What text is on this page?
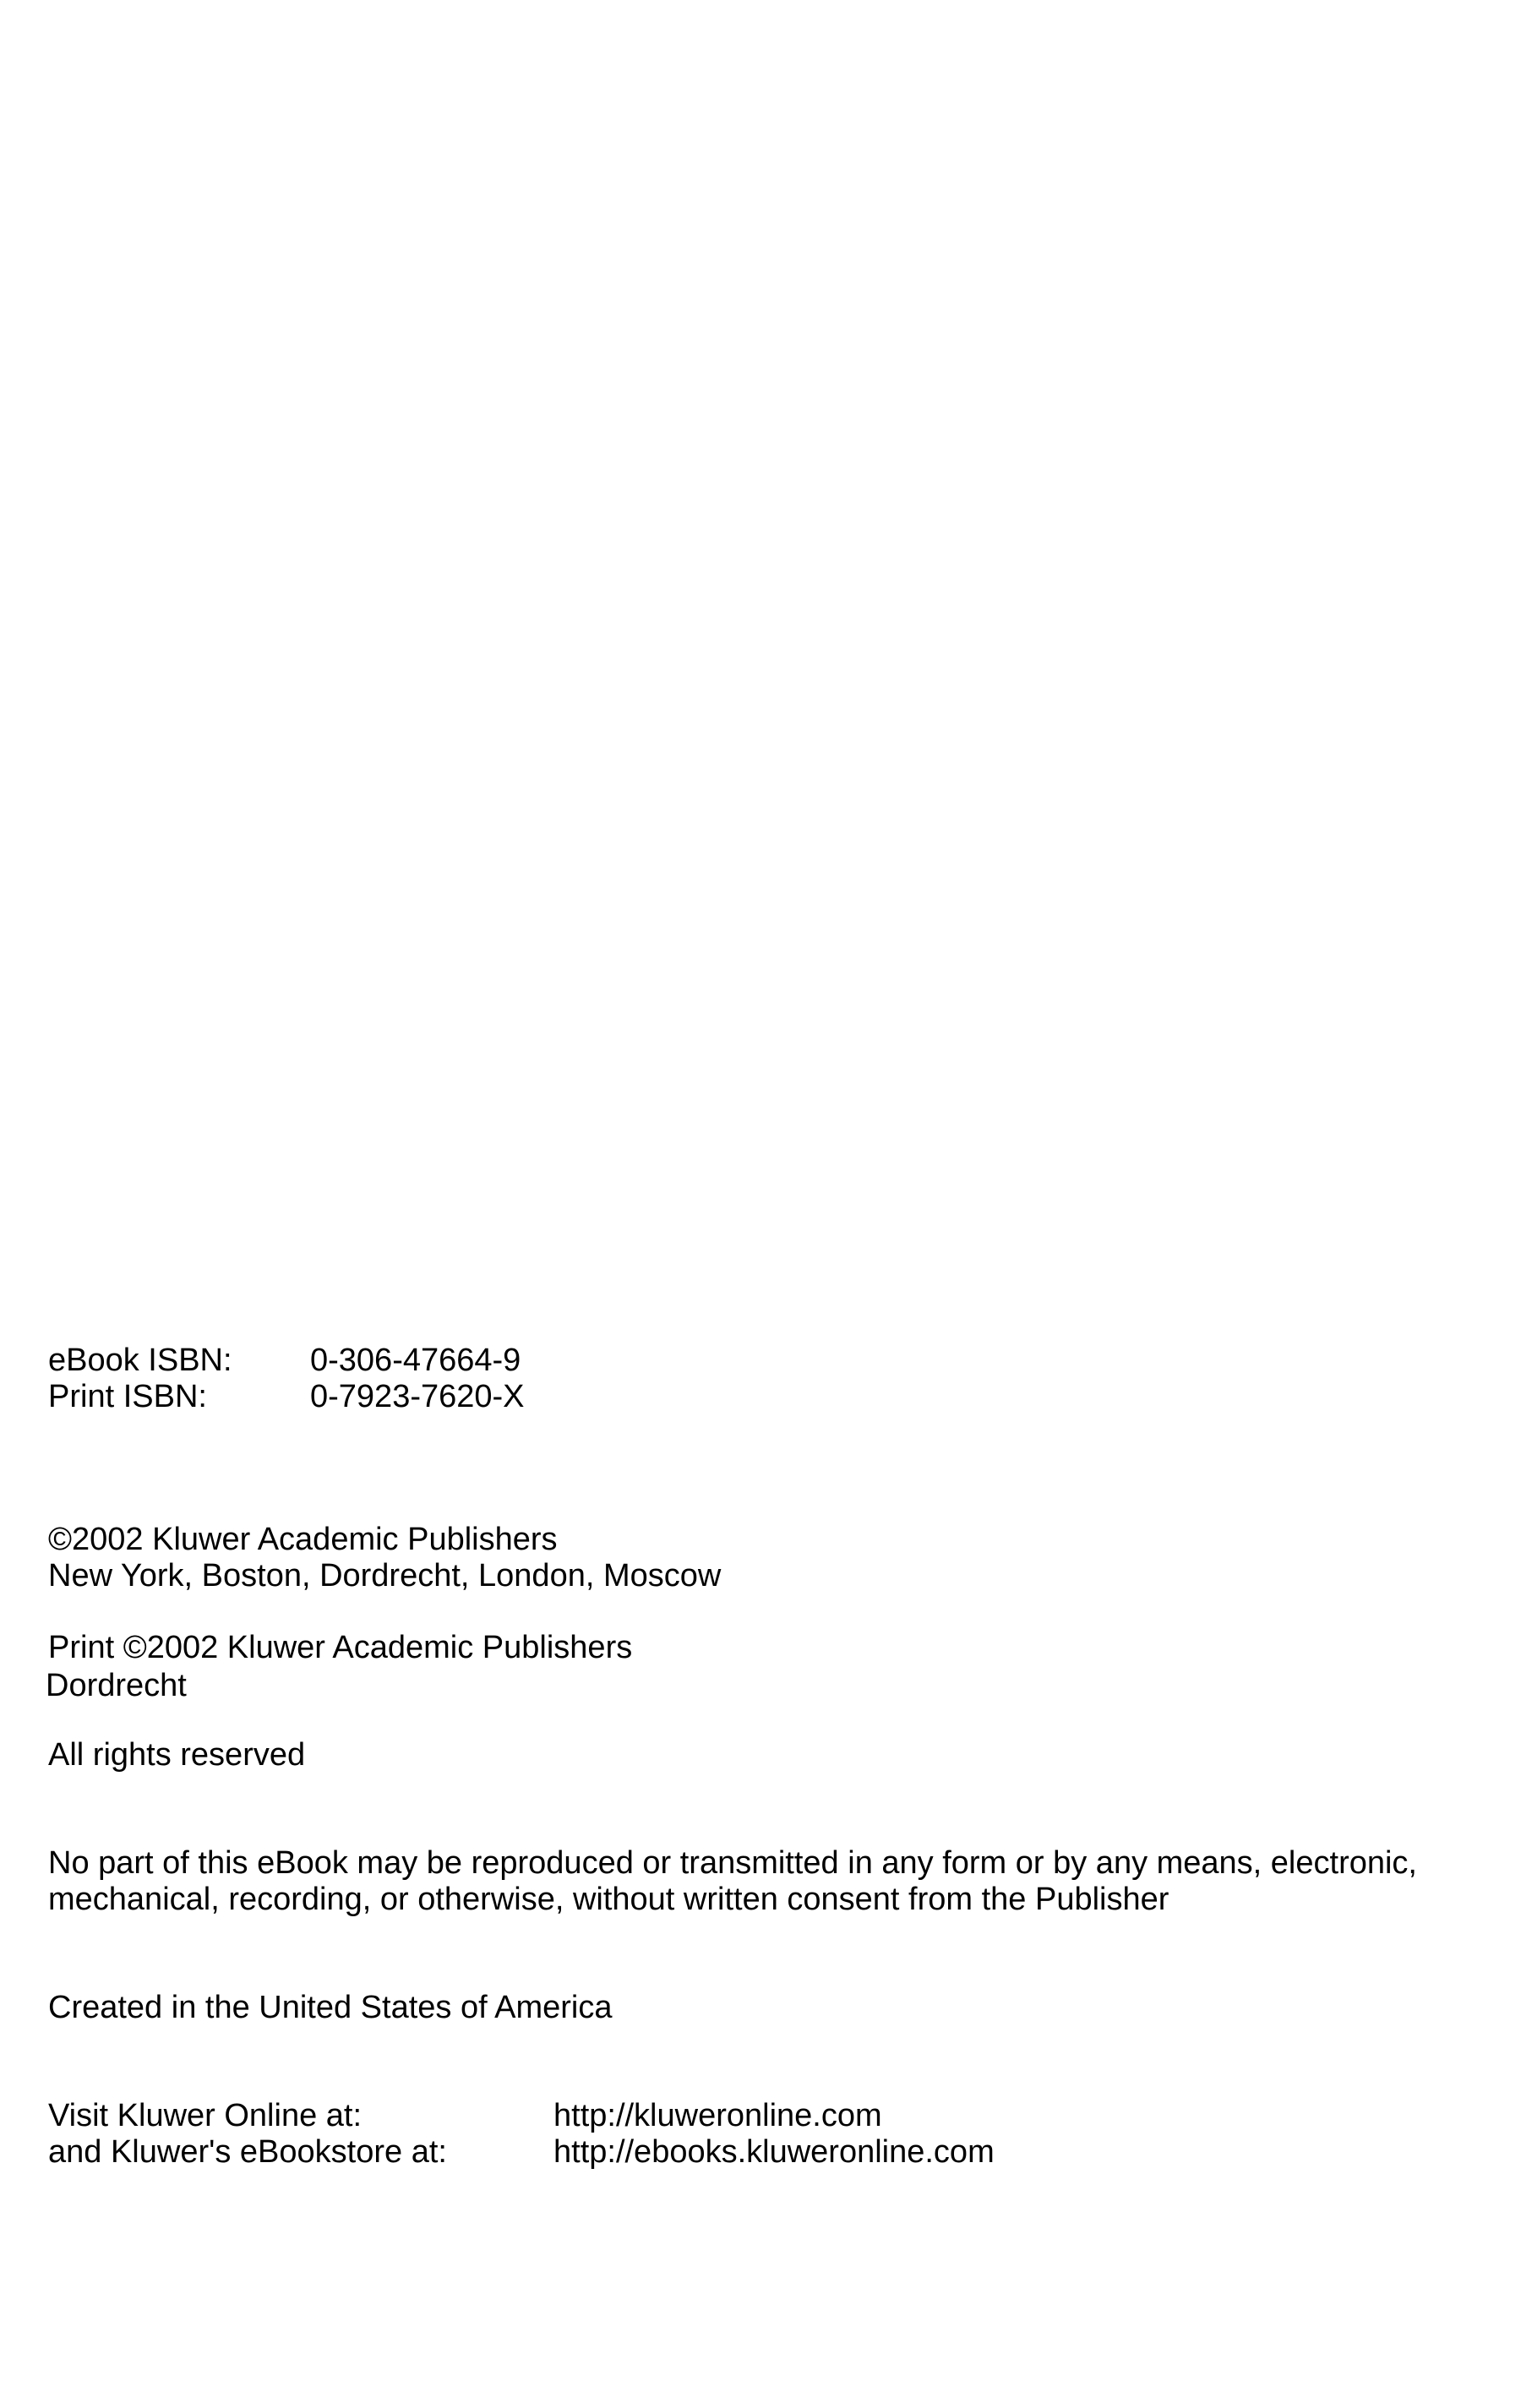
eBook ISBN: 0-306-47664-9
Print ISBN:	0-7923-7620-X
©2002 Kluwer Academic Publishers
New York, Boston, Dordrecht, London, Moscow
Print ©2002 Kluwer Academic Publishers
Dordrecht
All rights reserved
No part of this eBook may be reproduced or transmitted in any form or by any means, electronic,
mechanical, recording, or otherwise, without written consent from the Publisher
Created in the United States of America
Visit Kluwer Online at:	http://kluweronline.com
and Kluwer's eBookstore at:	http://ebooks.kluweronline.com
